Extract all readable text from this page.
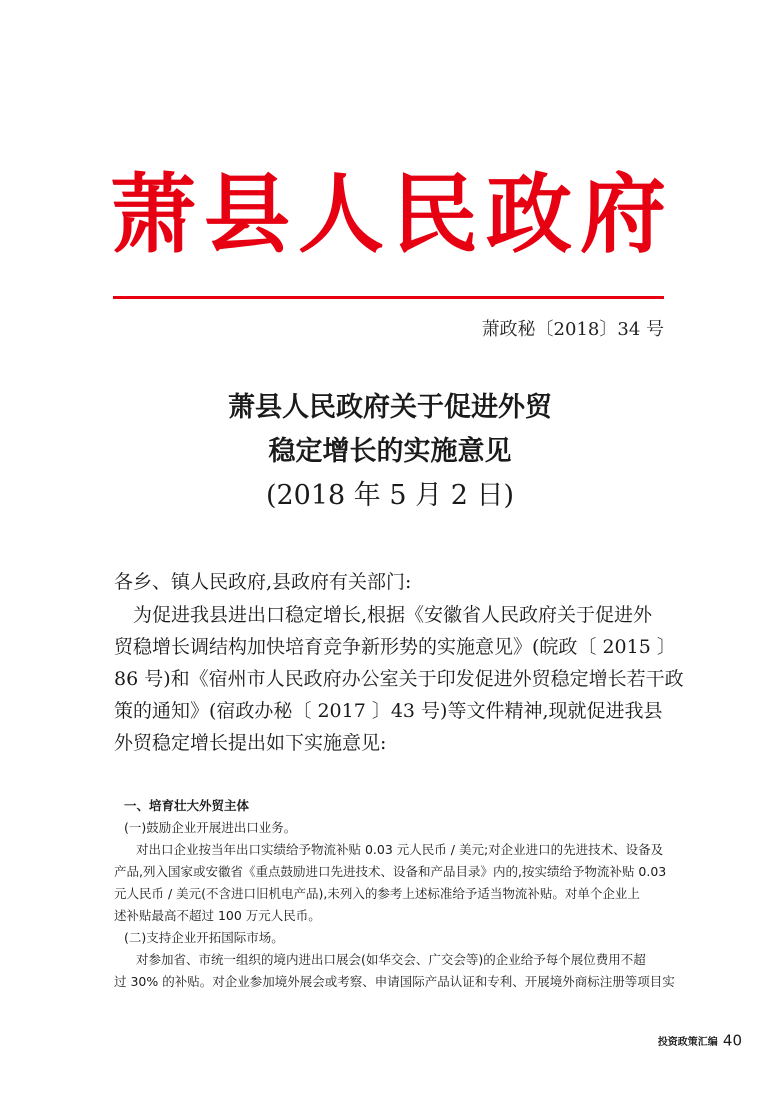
萧县人民政府
萧政秘〔2018〕34 号
萧县人民政府关于促进外贸
稳定增长的实施意见
(2018 年 5 月 2 日)
各乡、镇人民政府,县政府有关部门:

为促进我县进出口稳定增长,根据《安徽省人民政府关于促进外

贸稳增长调结构加快培育竞争新形势的实施意见》(皖政〔 2015 〕

86 号)和《宿州市人民政府办公室关于印发促进外贸稳定增长若干政

策的通知》(宿政办秘〔 2017 〕43 号)等文件精神,现就促进我县

外贸稳定增长提出如下实施意见:

一、培育壮大外贸主体

(一)鼓励企业开展进出口业务。

对出口企业按当年出口实绩给予物流补贴 0.03 元人民币 / 美元;对企业进口的先进技术、设备及

产品,列入国家或安徽省《重点鼓励进口先进技术、设备和产品目录》内的,按实绩给予物流补贴 0.03

元人民币 / 美元(不含进口旧机电产品),未列入的参考上述标准给予适当物流补贴。对单个企业上

述补贴最高不超过 100 万元人民币。

(二)支持企业开拓国际市场。

对参加省、市统一组织的境内进出口展会(如华交会、广交会等)的企业给予每个展位费用不超

过 30% 的补贴。对企业参加境外展会或考察、申请国际产品认证和专利、开展境外商标注册等项目实

投资政策汇编 40
